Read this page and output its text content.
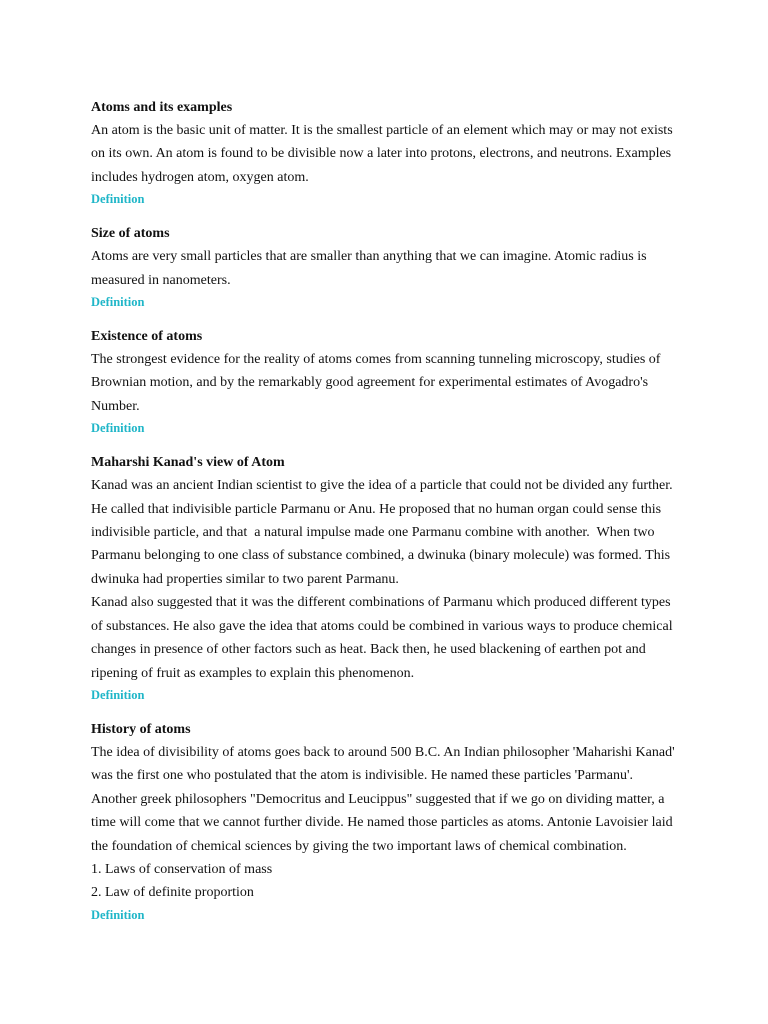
Atoms and its examples

An atom is the basic unit of matter. It is the smallest particle of an element which may or may not exists on its own. An atom is found to be divisible now a later into protons, electrons, and neutrons. Examples includes hydrogen atom, oxygen atom.

Definition

Size of atoms

Atoms are very small particles that are smaller than anything that we can imagine. Atomic radius is measured in nanometers.

Definition

Existence of atoms

The strongest evidence for the reality of atoms comes from scanning tunneling microscopy, studies of Brownian motion, and by the remarkably good agreement for experimental estimates of Avogadro's Number.

Definition

Maharshi Kanad's view of Atom

Kanad was an ancient Indian scientist to give the idea of a particle that could not be divided any further. He called that indivisible particle Parmanu or Anu. He proposed that no human organ could sense this indivisible particle, and that  a natural impulse made one Parmanu combine with another.  When two Parmanu belonging to one class of substance combined, a dwinuka (binary molecule) was formed. This dwinuka had properties similar to two parent Parmanu.

Kanad also suggested that it was the different combinations of Parmanu which produced different types of substances. He also gave the idea that atoms could be combined in various ways to produce chemical changes in presence of other factors such as heat. Back then, he used blackening of earthen pot and ripening of fruit as examples to explain this phenomenon.

Definition

History of atoms

The idea of divisibility of atoms goes back to around 500 B.C. An Indian philosopher 'Maharishi Kanad' was the first one who postulated that the atom is indivisible. He named these particles 'Parmanu'. Another greek philosophers "Democritus and Leucippus" suggested that if we go on dividing matter, a time will come that we cannot further divide. He named those particles as atoms. Antonie Lavoisier laid the foundation of chemical sciences by giving the two important laws of chemical combination.

1. Laws of conservation of mass

2. Law of definite proportion

Definition
